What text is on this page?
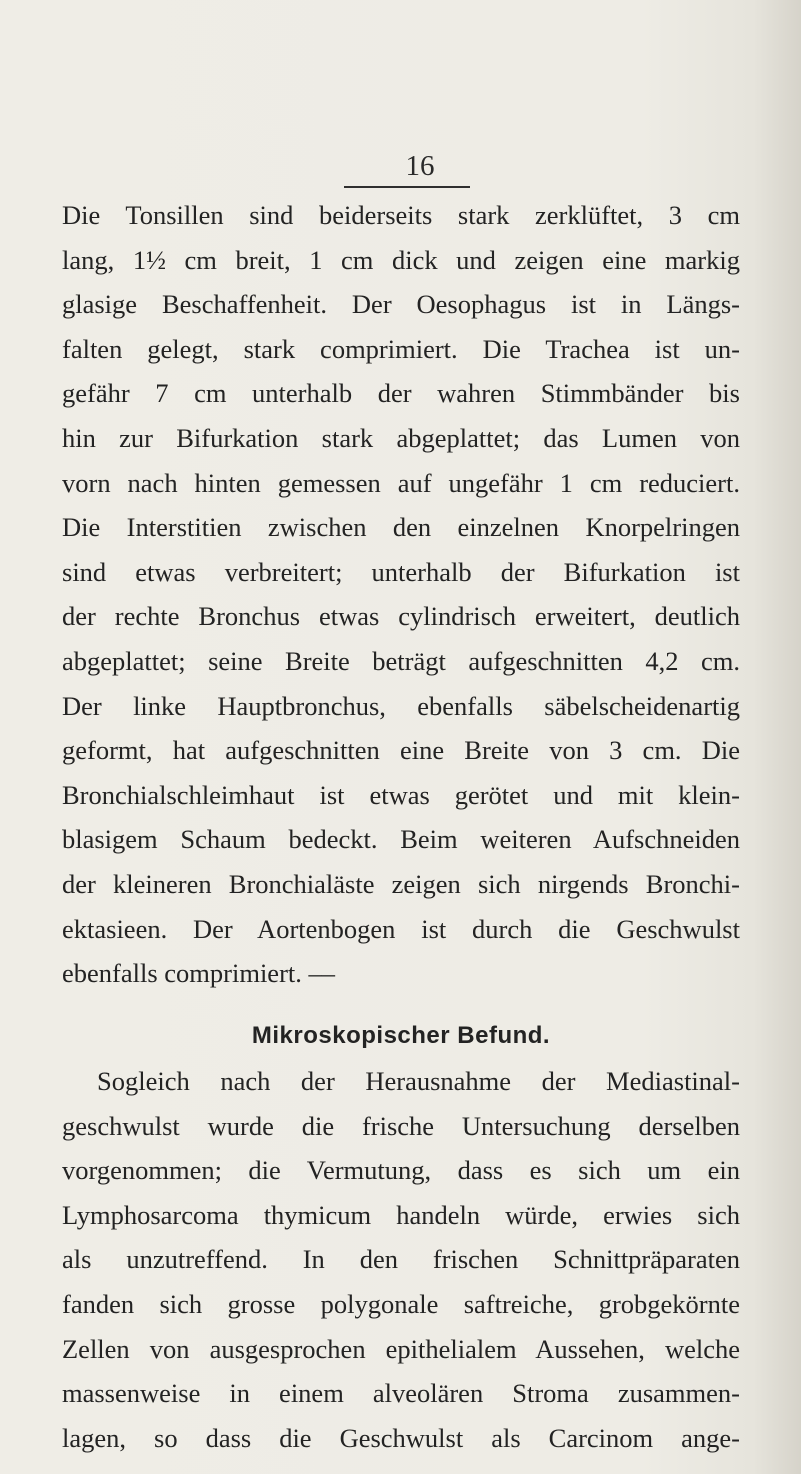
16
Die Tonsillen sind beiderseits stark zerklüftet, 3 cm
lang, 1½ cm breit, 1 cm dick und zeigen eine markig
glasige Beschaffenheit. Der Oesophagus ist in Längs-
falten gelegt, stark comprimiert. Die Trachea ist un-
gefähr 7 cm unterhalb der wahren Stimmbänder bis
hin zur Bifurkation stark abgeplattet; das Lumen von
vorn nach hinten gemessen auf ungefähr 1 cm reduciert.
Die Interstitien zwischen den einzelnen Knorpelringen
sind etwas verbreitert; unterhalb der Bifurkation ist
der rechte Bronchus etwas cylindrisch erweitert, deutlich
abgeplattet; seine Breite beträgt aufgeschnitten 4,2 cm.
Der linke Hauptbronchus, ebenfalls säbelscheidenartig
geformt, hat aufgeschnitten eine Breite von 3 cm. Die
Bronchialschleimhaut ist etwas gerötet und mit klein-
blasigem Schaum bedeckt. Beim weiteren Aufschneiden
der kleineren Bronchialäste zeigen sich nirgends Bronchi-
ektasieen. Der Aortenbogen ist durch die Geschwulst
ebenfalls comprimiert. ––
Mikroskopischer Befund.
Sogleich nach der Herausnahme der Mediastinal-
geschwulst wurde die frische Untersuchung derselben
vorgenommen; die Vermutung, dass es sich um ein
Lymphosarcoma thymicum handeln würde, erwies sich
als unzutreffend. In den frischen Schnittpräparaten
fanden sich grosse polygonale saftreiche, grobgekörnte
Zellen von ausgesprochen epithelialem Aussehen, welche
massenweise in einem alveolären Stroma zusammen-
lagen, so dass die Geschwulst als Carcinom ange-
